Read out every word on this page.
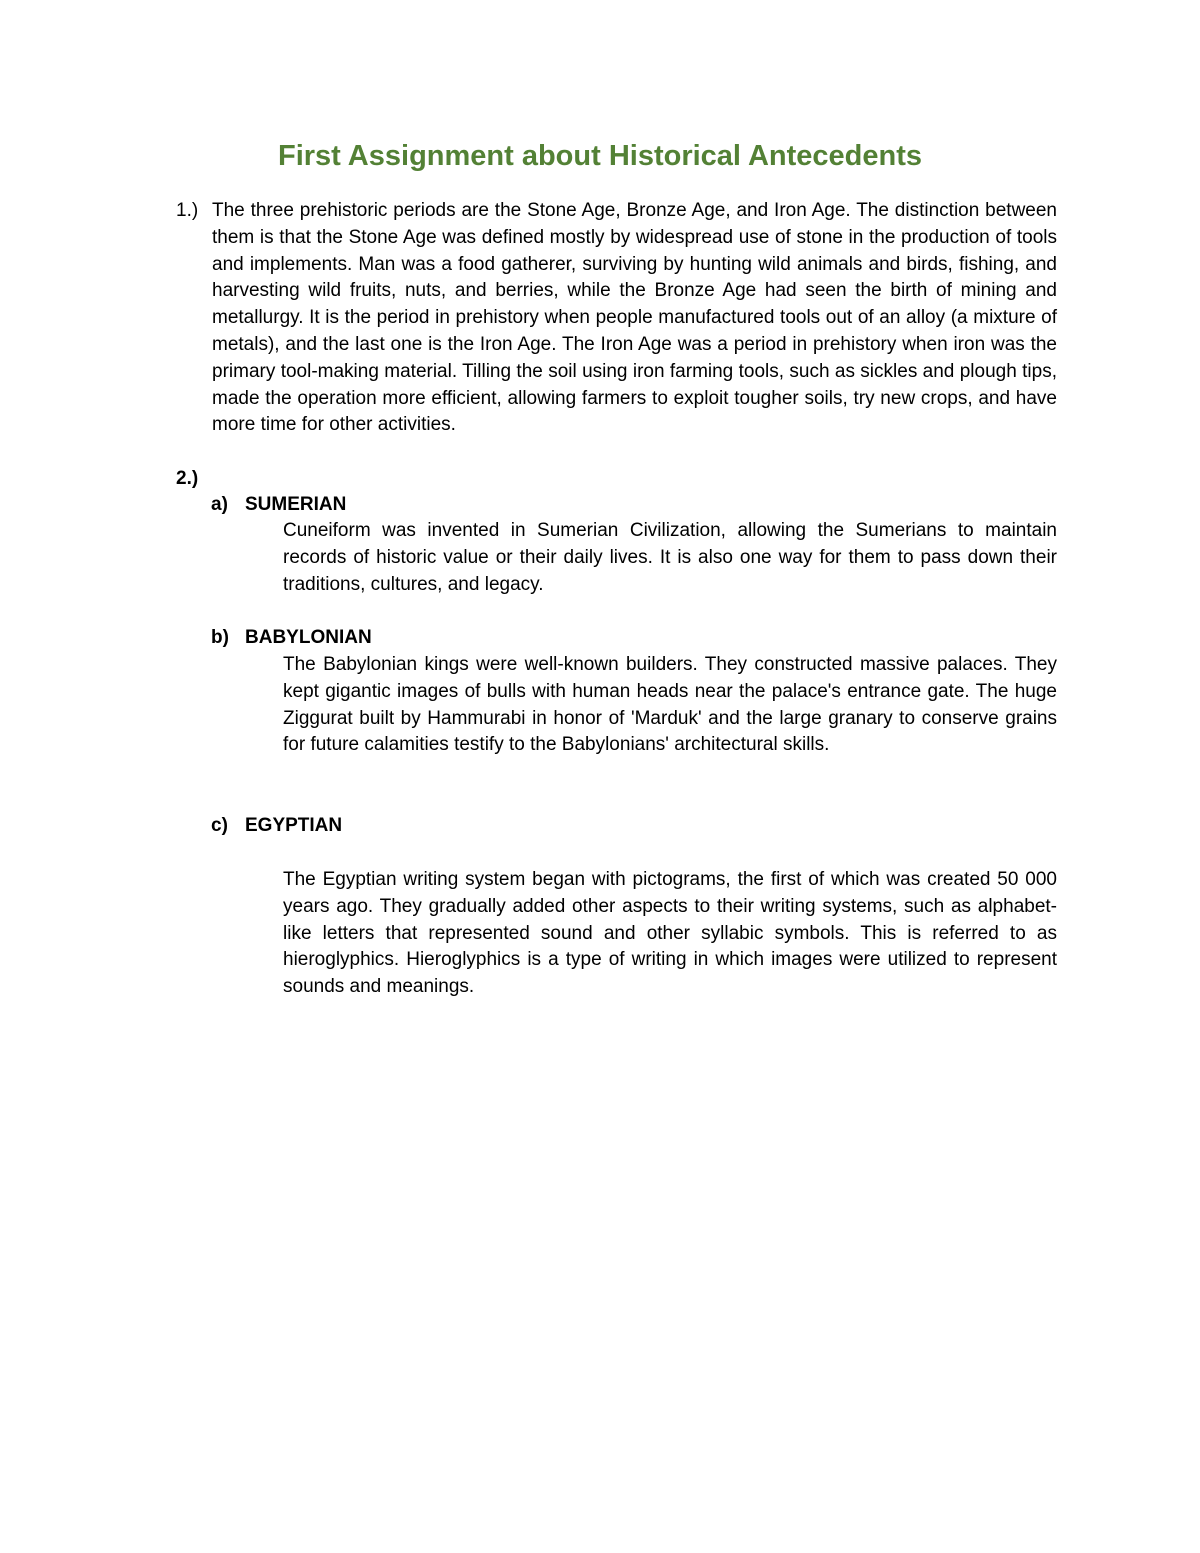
First Assignment about Historical Antecedents
1.) The three prehistoric periods are the Stone Age, Bronze Age, and Iron Age. The distinction between them is that the Stone Age was defined mostly by widespread use of stone in the production of tools and implements. Man was a food gatherer, surviving by hunting wild animals and birds, fishing, and harvesting wild fruits, nuts, and berries, while the Bronze Age had seen the birth of mining and metallurgy. It is the period in prehistory when people manufactured tools out of an alloy (a mixture of metals), and the last one is the Iron Age. The Iron Age was a period in prehistory when iron was the primary tool-making material. Tilling the soil using iron farming tools, such as sickles and plough tips, made the operation more efficient, allowing farmers to exploit tougher soils, try new crops, and have more time for other activities.

2.)
a) SUMERIAN

Cuneiform was invented in Sumerian Civilization, allowing the Sumerians to maintain records of historic value or their daily lives. It is also one way for them to pass down their traditions, cultures, and legacy.

b) BABYLONIAN

The Babylonian kings were well-known builders. They constructed massive palaces. They kept gigantic images of bulls with human heads near the palace's entrance gate. The huge Ziggurat built by Hammurabi in honor of 'Marduk' and the large granary to conserve grains for future calamities testify to the Babylonians' architectural skills.

c) EGYPTIAN

The Egyptian writing system began with pictograms, the first of which was created 50 000 years ago. They gradually added other aspects to their writing systems, such as alphabet-like letters that represented sound and other syllabic symbols. This is referred to as hieroglyphics. Hieroglyphics is a type of writing in which images were utilized to represent sounds and meanings.
